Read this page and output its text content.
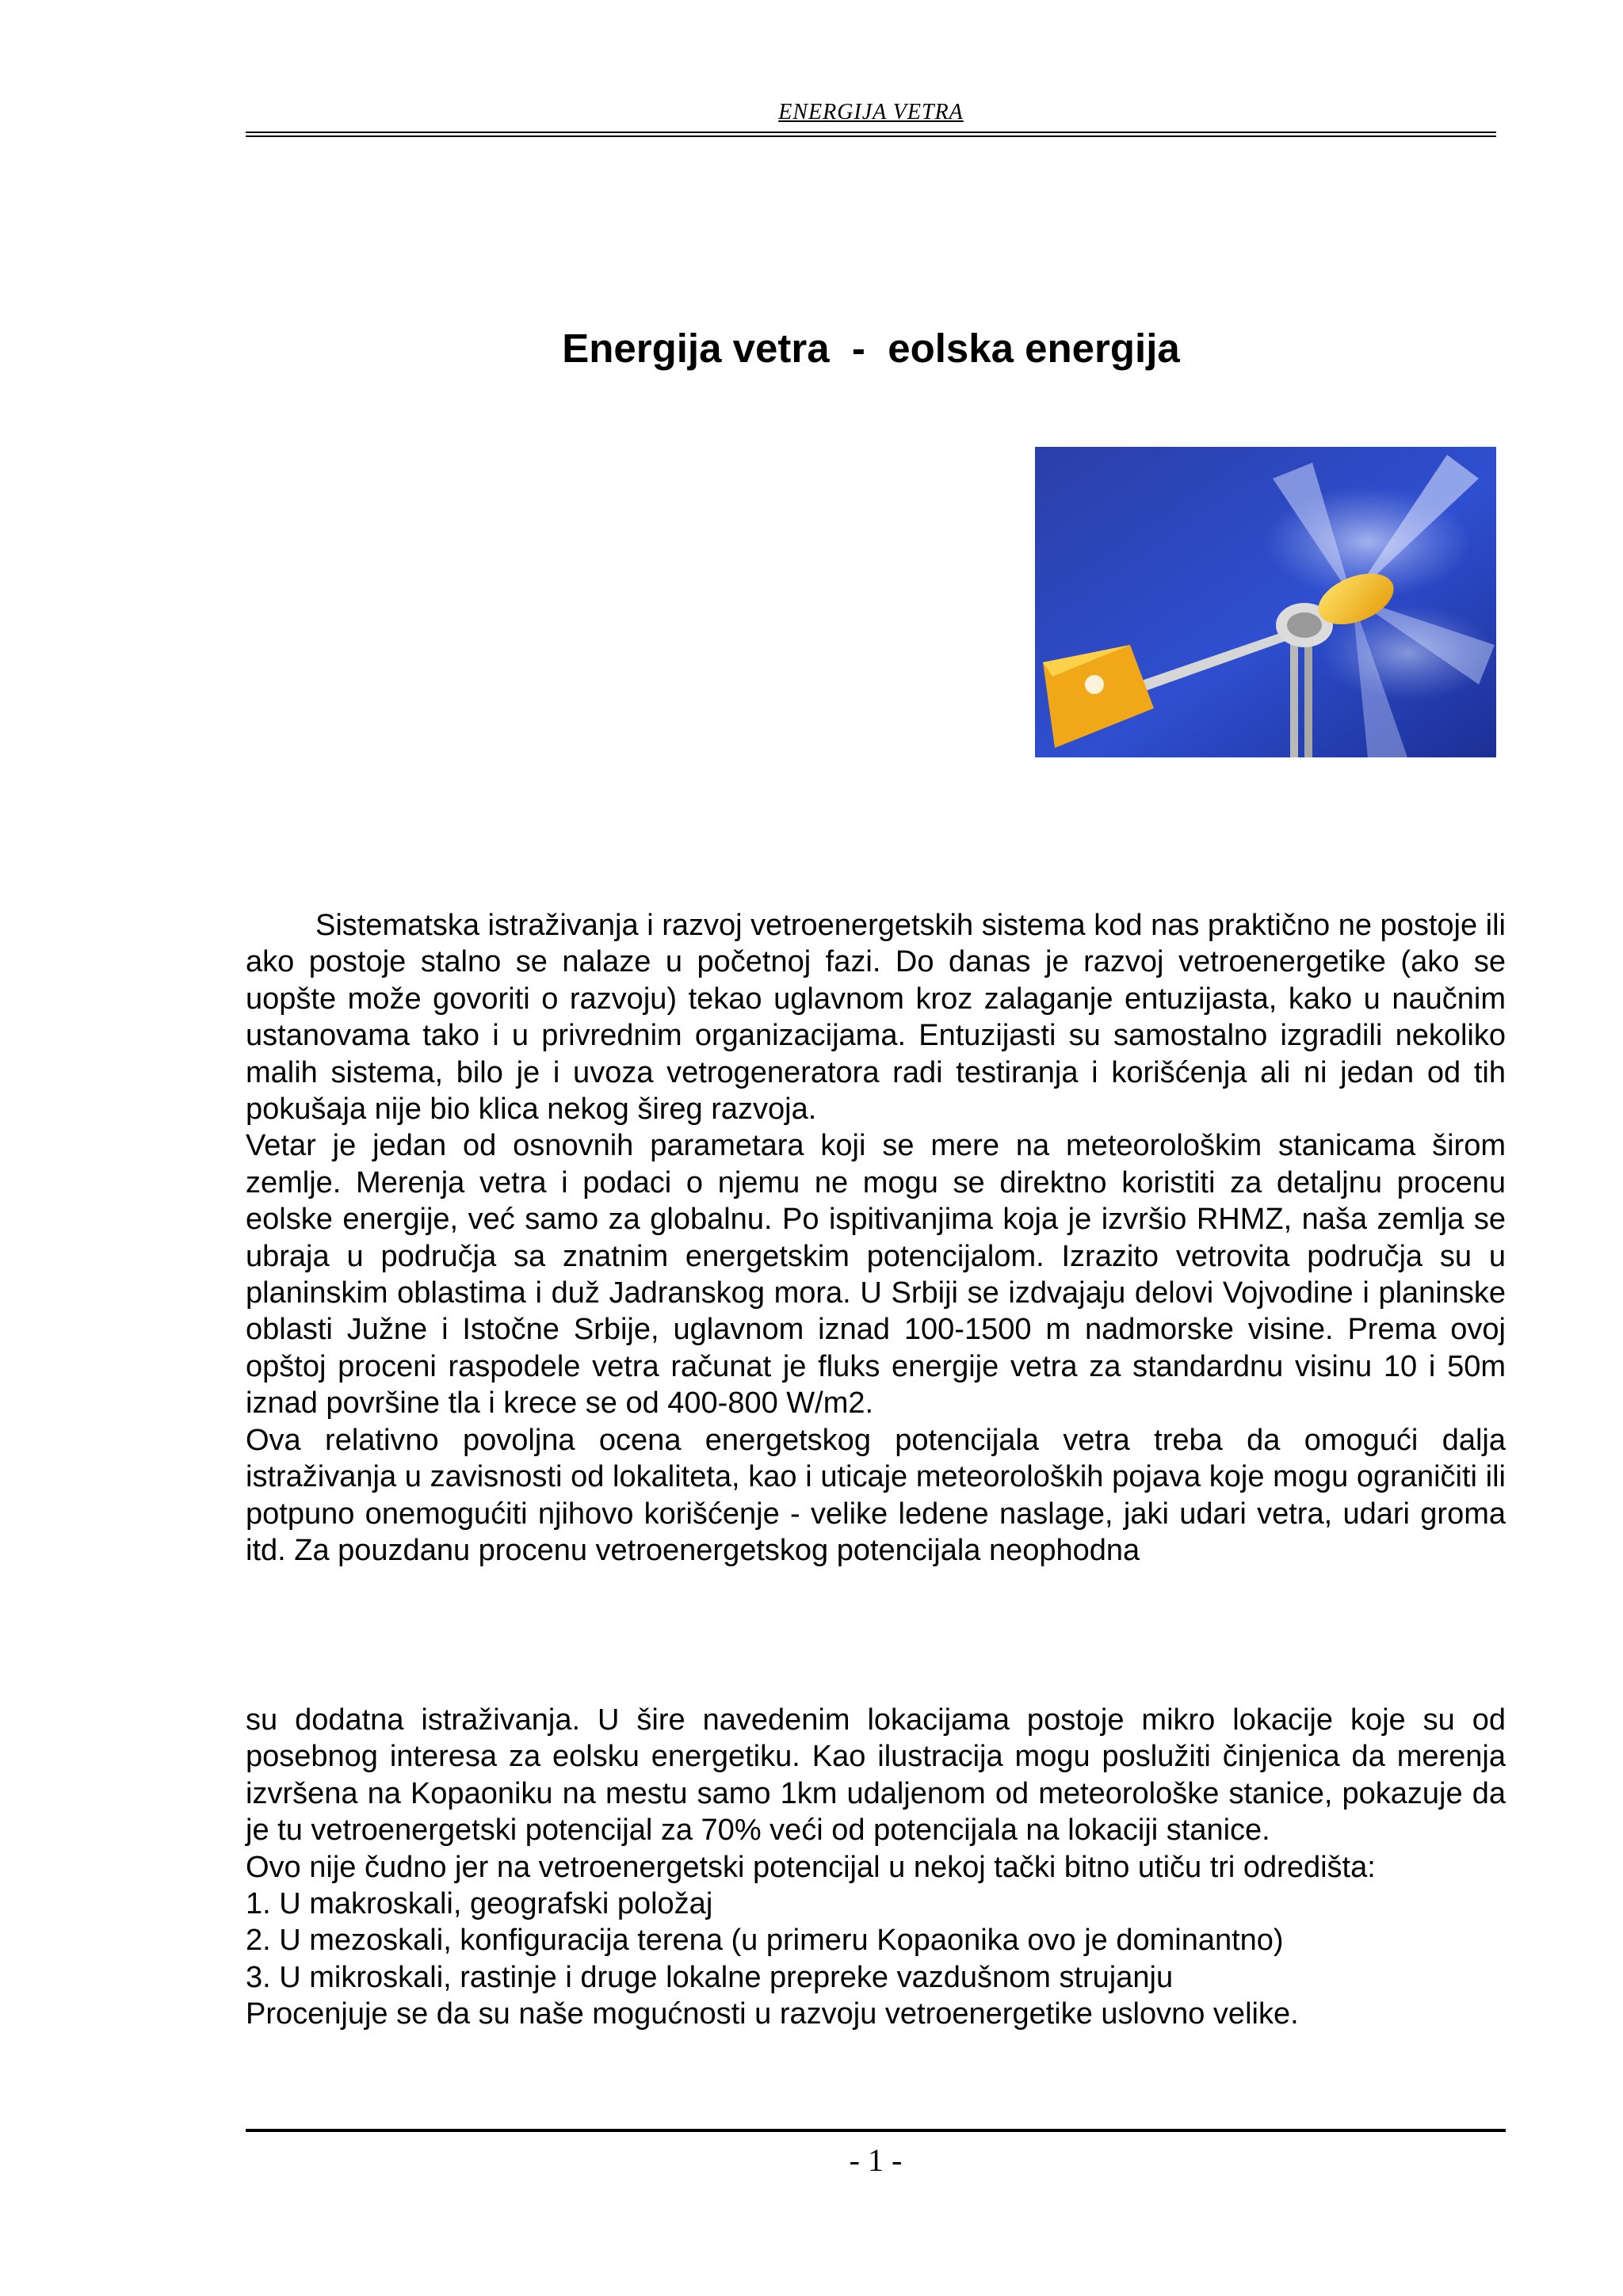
ENERGIJA VETRA
Energija vetra  -  eolska energija

Sistematska istraživanja i razvoj vetroenergetskih sistema kod nas praktično ne postoje ili ako postoje stalno se nalaze u početnoj fazi. Do danas je razvoj vetroenergetike (ako se uopšte može govoriti o razvoju) tekao uglavnom kroz zalaganje entuzijasta, kako u naučnim ustanovama tako i u privrednim organizacijama. Entuzijasti su samostalno izgradili nekoliko malih sistema, bilo je i uvoza vetrogeneratora radi testiranja i korišćenja ali ni jedan od tih pokušaja nije bio klica nekog šireg razvoja.

Vetar je jedan od osnovnih parametara koji se mere na meteorološkim stanicama širom zemlje. Merenja vetra i podaci o njemu ne mogu se direktno koristiti za detaljnu procenu eolske energije, već samo za globalnu. Po ispitivanjima koja je izvršio RHMZ, naša zemlja se ubraja u područja sa znatnim energetskim potencijalom. Izrazito vetrovita područja su u planinskim oblastima i duž Jadranskog mora. U Srbiji se izdvajaju delovi Vojvodine i planinske oblasti Južne i Istočne Srbije, uglavnom iznad 100-1500 m nadmorske visine. Prema ovoj opštoj proceni raspodele vetra računat je fluks energije vetra za standardnu visinu 10 i 50m iznad površine tla i krece se od 400-800 W/m2.

Ova relativno povoljna ocena energetskog potencijala vetra treba da omogući dalja istraživanja u zavisnosti od lokaliteta, kao i uticaje meteoroloških pojava koje mogu ograničiti ili potpuno onemogućiti njihovo korišćenje - velike ledene naslage, jaki udari vetra, udari groma itd. Za pouzdanu procenu vetroenergetskog potencijala neophodna

su dodatna istraživanja. U šire navedenim lokacijama postoje mikro lokacije koje su od posebnog interesa za eolsku energetiku. Kao ilustracija mogu poslužiti činjenica da merenja izvršena na Kopaoniku na mestu samo 1km udaljenom od meteorološke stanice, pokazuje da je tu vetroenergetski potencijal za 70% veći od potencijala na lokaciji stanice.

Ovo nije čudno jer na vetroenergetski potencijal u nekoj tački bitno utiču tri odredišta:

1. U makroskali, geografski položaj

2. U mezoskali, konfiguracija terena (u primeru Kopaonika ovo je dominantno)

3. U mikroskali, rastinje i druge lokalne prepreke vazdušnom strujanju

Procenjuje se da su naše mogućnosti u razvoju vetroenergetike uslovno velike.

- 1 -
